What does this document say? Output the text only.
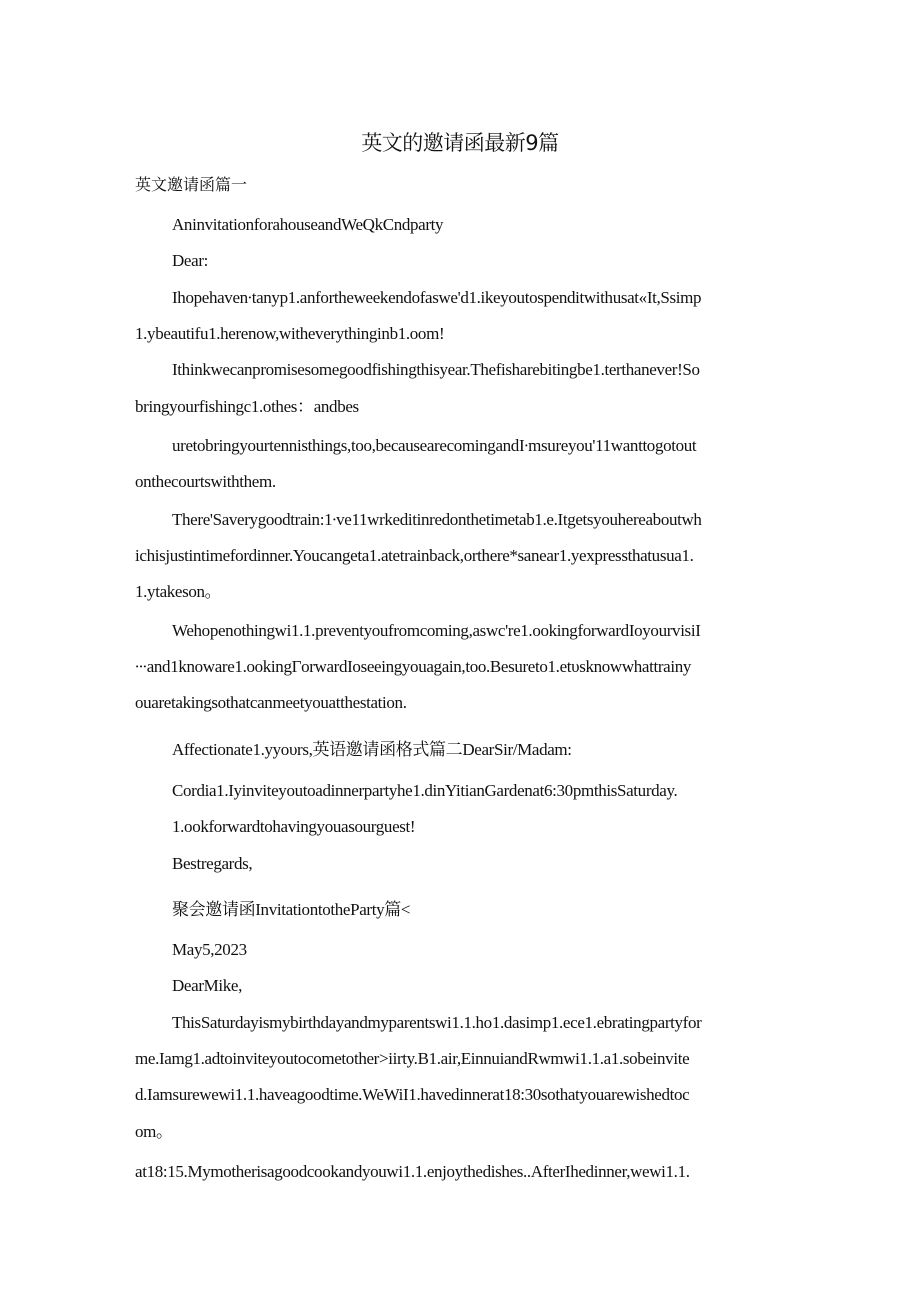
英文的邀请函最新9篇
英文邀请函篇一
AninvitationforahouseandWeQkCndparty
Dear:
Ihopehaven∙tanyp1.anfortheweekendofaswe'd1.ikeyoutospenditwithusat«It,Ssimp
1.ybeautifu1.herenow,witheverythinginb1.oom!
Ithinkwecanpromisesomegoodfishingthisyear.Thefisharebitingbe1.terthanever!So
bringyourfishingc1.othes：andbes
uretobringyourtennisthings,too,becausearecomingandI∙msureyou'11wanttogotout
onthecourtswiththem.
There'Saverygoodtrain:1∙ve11wrkeditinredonthetimetab1.e.Itgetsyouhereaboutwh
ichisjustintimefordinner.Youcangeta1.atetrainback,orthere*sanear1.yexpressthatusua1.
1.ytakeson。
Wehopenothingwi1.1.preventyoufromcoming,aswc're1.ookingforwardIoyourvisiI
∙∙∙and1knoware1.ookingГorwardIoseeingyouagain,too.Besureto1.etυsknowwhattrainy
ouaretakingsothatcanmeetyouatthestation.
Affectionate1.yyoυrs,英语邀请函格式篇二DearSir/Madam:
Cordia1.Iyinviteyoutoadinnerpartyhe1.dinYitianGardenat6:30pmthisSaturday.
1.ookforwardtohavingyouasourguest!
Bestregards,
聚会邀请函InvitationtotheParty篇<
May5,2023
DearMike,
ThisSaturdayismybirthdayandmyparentswi1.1.ho1.dasimp1.ece1.ebratingpartyfor
me.Iamg1.adtoinviteyoutocometother>iirty.B1.air,EinnuiandRwmwi1.1.a1.sobeinvite
d.Iamsurewewi1.1.haveagoodtime.WeWiI1.havedinnerat18:30sothatyouarewishedtoc
om。
at18:15.Mymotherisagoodcookandyouwi1.1.enjoythedishes..AfterIhedinner,wewi1.1.
